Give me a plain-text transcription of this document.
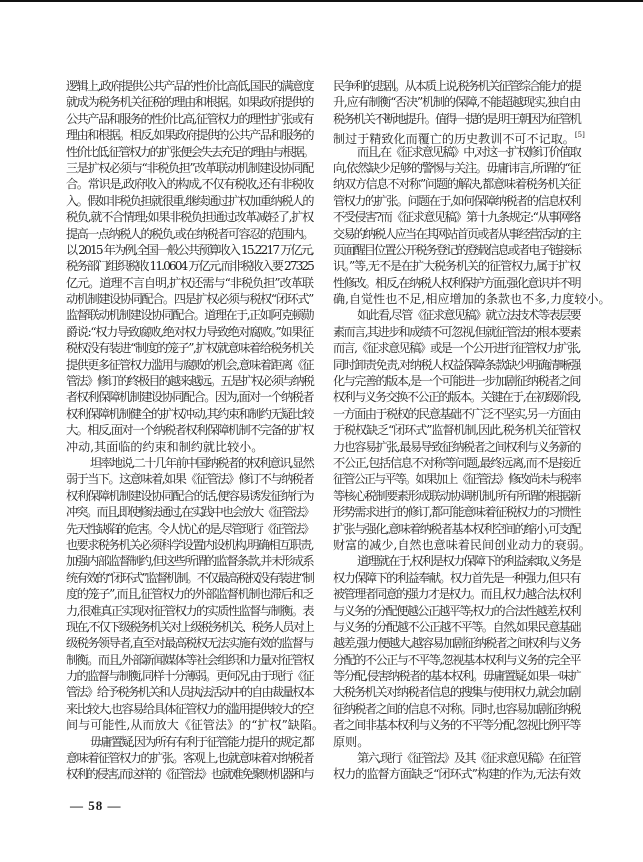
逻辑上,政府提供公共产品的性价比高低,国民的满意度
就成为税务机关征税的理由和根据。如果政府提供的
公共产品和服务的性价比高,征管权力的理性扩张或有
理由和根据。相反,如果政府提供的公共产品和服务的
性价比低,征管权力的扩张便会失去充足的理由与根据。
三是扩权必须与“非税负担”改革联动机制建设协同配
合。常识是,政府收入的构成,不仅有税收,还有非税收
入。假如非税负担就很重,继续通过扩权加重纳税人的
税负,就不合情理;如果非税负担通过改革减轻了,扩权
提高一点纳税人的税负,或在纳税者可容忍的范围内。
以 2015 年为例,全国一般公共预算收入 15.2217 万亿元,
税务部门组织税收 11.0604 万亿元,而非税收入要 27325
亿元。道理不言自明,扩权还需与“非税负担”改革联
动机制建设协同配合。四是扩权必须与税权“闭环式”
监督联动机制建设协同配合。道理在于,正如阿克顿勋
爵说:“权力导致腐败,绝对权力导致绝对腐败。”如果征
税权没有装进“制度的笼子”,扩权就意味着给税务机关
提供更多征管权力滥用与腐败的机会,意味着距离《征
管法》修订的终极目的越来越远。五是扩权必须与纳税
者权利保障机制建设协同配合。因为,面对一个纳税者
权利保障机制健全的扩权冲动,其约束和制约无疑比较
大。相反,面对一个纳税者权利保障机制不完备的扩权
冲动,其面临的约束和制约就比较小。
坦率地说,二十几年前中国纳税者的权利意识,显然
弱于当下。这意味着,如果《征管法》修订不与纳税者
权利保障机制建设协同配合的话,便容易诱发征纳行为
冲突。而且,即使修法通过,在实践中也会放大《征管法》
先天性缺陷的危害。令人忧心的是,尽管现行《征管法》
也要求税务机关必须科学设置内设机构,明确相互职责,
加强内部监督制约,但这些所谓的监督条款,并未形成系
统有效的“闭环式”监督机制。不仅最高税权没有装进“制
度的笼子”,而且,征管权力的外部监督机制也滞后和乏
力,很难真正实现对征管权力的实质性监督与制衡。表
现在,不仅下级税务机关对上级税务机关、税务人员对上
级税务领导者,直至对最高税权无法实施有效的监督与
制衡。而且,外部新闻媒体等社会组织和力量对征管权
力的监督与制衡,同样十分薄弱。更何况,由于现行《征
管法》给予税务机关和人员执法活动中的自由裁量权本
来比较大,也容易给具体征管权力的滥用提供较大的空
间与可能性,从而放大《征管法》的“扩权”缺陷。
毋庸置疑,因为所有有利于征管能力提升的规定,都
意味着征管权力的扩张。客观上,也就意味着对纳税者
权利的侵害,而这样的《征管法》也就难免聚财机器和与
民争利的悲剧。从本质上说,税务机关征管综合能力的提
升,应有制衡“否决”机制的保障,不能超越现实,独自由
税务机关不断地提升。值得一提的是,明王朝因为征管机
制过于精致化而覆亡的历史教训不可不记取。[5]
而且,在《征求意见稿》中,对这一扩权修订价值取
向,依然缺少足够的警惕与关注。毋庸讳言,所谓的“征
纳双方信息不对称”问题的解决,都意味着税务机关征
管权力的扩张。问题在于,如何保障纳税者的信息权利
不受侵害?而《征求意见稿》第十九条规定:“从事网络
交易的纳税人应当在其网站首页或者从事经营活动的主
页面醒目位置公开税务登记的登载信息或者电子链接标
识。”等,无不是在扩大税务机关的征管权力,属于扩权
性修改。相反,在纳税人权利保护方面,强化意识并不明
确,自觉性也不足,相应增加的条款也不多,力度较小。
如此看,尽管《征求意见稿》就立法技术等表层要
素而言,其进步和成绩不可忽视,但就征管法的根本要素
而言,《征求意见稿》或是一个公开进行征管权力扩张,
同时卸责免责,对纳税人权益保障条款缺少明确清晰强
化与完善的版本,是一个可能进一步加剧征纳税者之间
权利与义务交换不公正的版本。关键在于,在初级阶段,
一方面由于税权的民意基础不广泛不坚实,另一方面由
于税权缺乏“闭环式”监督机制,因此,税务机关征管权
力也容易扩张,最易导致征纳税者之间权利与义务新的
不公正,包括信息不对称等问题,最终远离,而不是接近
征管公正与平等。如果加上《征管法》修改尚未与税率
等核心税制要素形成联动协调机制,所有所谓的根据新
形势需求进行的修订,都可能意味着征税权力的习惯性
扩张与强化,意味着纳税者基本权利空间的缩小,可支配
财富的减少,自然也意味着民间创业动力的衰弱。
道理就在于,权利是权力保障下的利益索取,义务是
权力保障下的利益奉献。权力首先是一种强力,但只有
被管理者同意的强力才是权力。而且,权力越合法,权利
与义务的分配便越公正越平等;权力的合法性越差,权利
与义务的分配越不公正越不平等。自然,如果民意基础
越差,强力便越大,越容易加剧征纳税者之间权利与义务
分配的不公正与不平等,忽视基本权利与义务的完全平
等分配,侵害纳税者的基本权利。毋庸置疑,如果一味扩
大税务机关对纳税者信息的搜集与使用权力,就会加剧
征纳税者之间的信息不对称。同时,也容易加剧征纳税
者之间非基本权利与义务的不平等分配,忽视比例平等
原则。
第六,现行《征管法》及其《征求意见稿》在征管
权力的监督方面缺乏“闭环式”构建的作为,无法有效
— 58 —
